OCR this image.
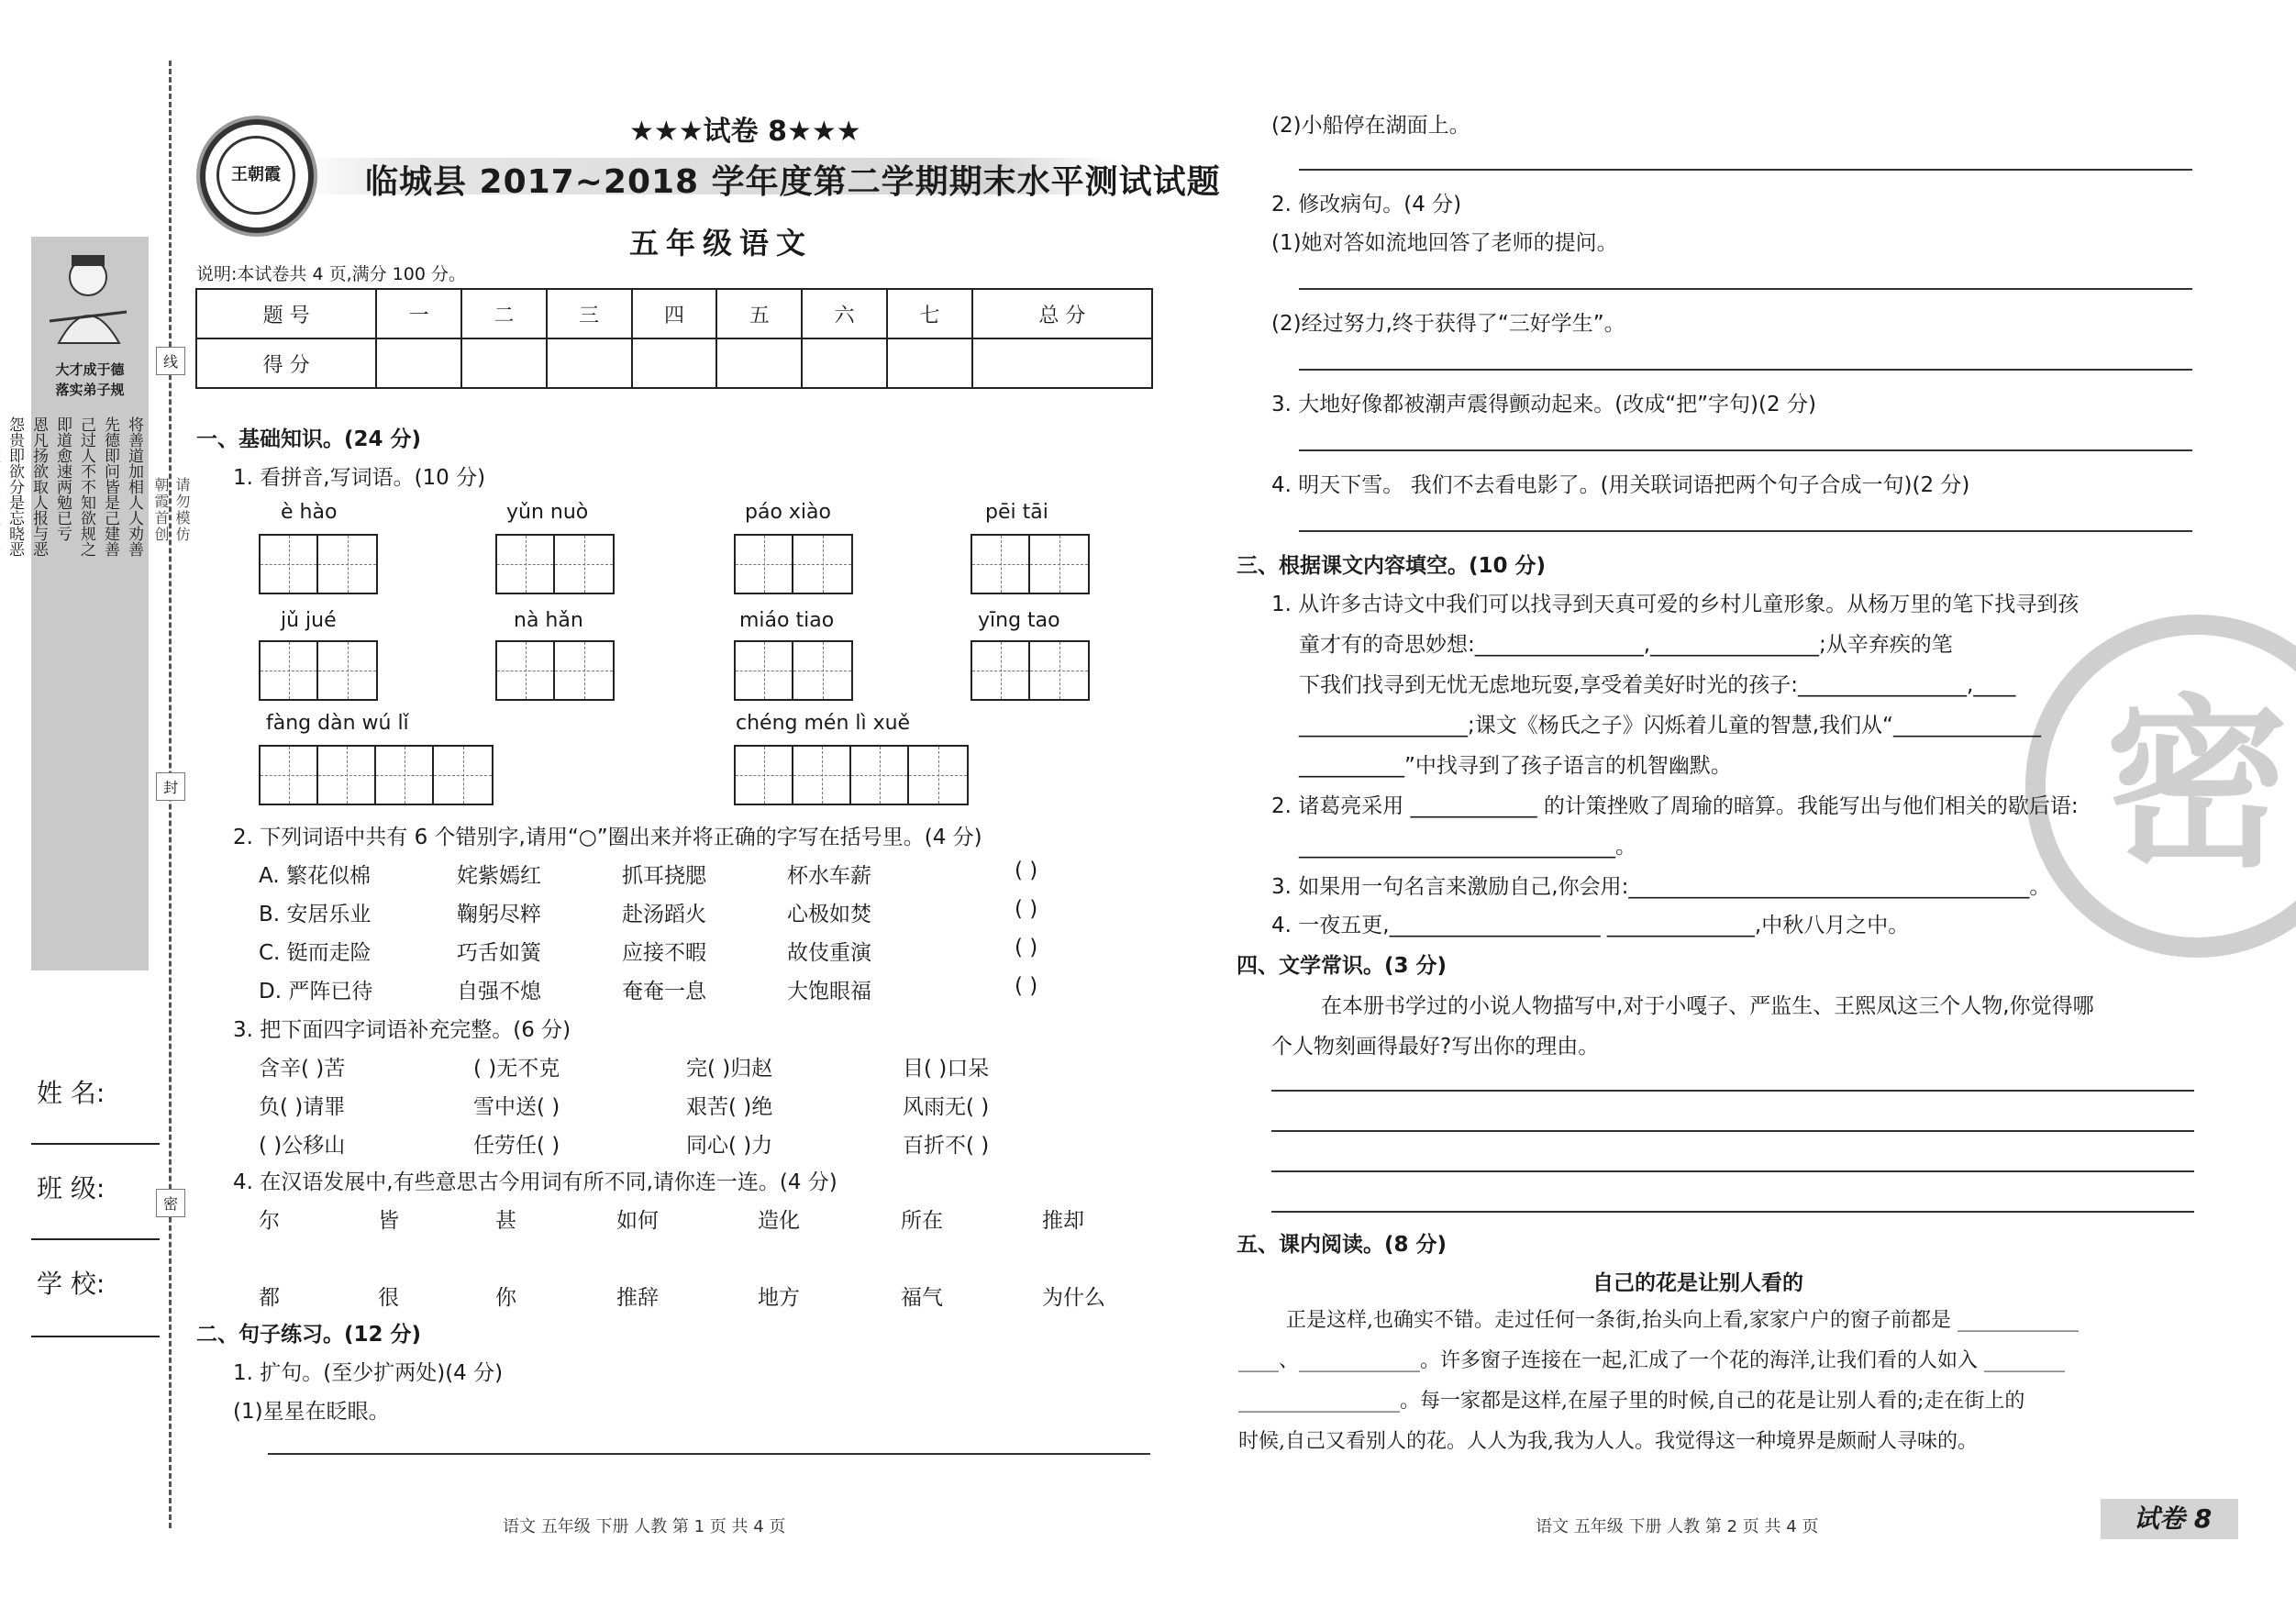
线
封
密
朝霞首创 请勿模仿
大才成于德
落实弟子规
将善道加相人人劝善
先德即问皆是己建善
己过人不不知欲规之
即道愈速两勉已亏
恩凡扬欲取人报与恶
怨贵即欲分是忘晓恶
姓 名:
班 级:
学 校:
王朝霞
★★★试卷 8★★★
临城县 2017~2018 学年度第二学期期末水平测试试题
五年级语文
说明:本试卷共 4 页,满分 100 分。
题 号	一	二	三	四	五	六	七	总 分
得 分								
一、基础知识。(24 分)
1. 看拼音,写词语。(10 分)
è hào	yǔn nuò	páo xiào	pēi tāi
jǔ jué	nà hǎn	miáo tiao	yīng tao
fàng dàn wú lǐ	chéng mén lì xuě
2. 下列词语中共有 6 个错别字,请用“○”圈出来并将正确的字写在括号里。(4 分)
A. 繁花似棉	姹紫嫣红	抓耳挠腮	杯水车薪	( )
B. 安居乐业	鞠躬尽粹	赴汤蹈火	心极如焚	( )
C. 铤而走险	巧舌如簧	应接不暇	故伎重演	( )
D. 严阵已待	自强不熄	奄奄一息	大饱眼福	( )
3. 把下面四字词语补充完整。(6 分)
含辛( )苦	( )无不克	完( )归赵	目( )口呆
负( )请罪	雪中送( )	艰苦( )绝	风雨无( )
( )公移山	任劳任( )	同心( )力	百折不( )
4. 在汉语发展中,有些意思古今用词有所不同,请你连一连。(4 分)
尔	皆	甚	如何	造化	所在	推却
都	很	你	推辞	地方	福气	为什么
二、句子练习。(12 分)
1. 扩句。(至少扩两处)(4 分)
(1)星星在眨眼。
语文 五年级 下册 人教 第 1 页 共 4 页
密
(2)小船停在湖面上。
2. 修改病句。(4 分)
(1)她对答如流地回答了老师的提问。
(2)经过努力,终于获得了“三好学生”。
3. 大地好像都被潮声震得颤动起来。(改成“把”字句)(2 分)
4. 明天下雪。 我们不去看电影了。(用关联词语把两个句子合成一句)(2 分)
三、根据课文内容填空。(10 分)
1. 从许多古诗文中我们可以找寻到天真可爱的乡村儿童形象。从杨万里的笔下找寻到孩
童才有的奇思妙想:________________,________________;从辛弃疾的笔
下我们找寻到无忧无虑地玩耍,享受着美好时光的孩子:________________,____
________________;课文《杨氏之子》闪烁着儿童的智慧,我们从“______________
__________”中找寻到了孩子语言的机智幽默。
2. 诸葛亮采用 ____________ 的计策挫败了周瑜的暗算。我能写出与他们相关的歇后语:
______________________________。
3. 如果用一句名言来激励自己,你会用:______________________________________。
4. 一夜五更,____________________ ______________,中秋八月之中。
四、文学常识。(3 分)
在本册书学过的小说人物描写中,对于小嘎子、严监生、王熙凤这三个人物,你觉得哪
个人物刻画得最好?写出你的理由。
五、课内阅读。(8 分)
自己的花是让别人看的
正是这样,也确实不错。走过任何一条街,抬头向上看,家家户户的窗子前都是 ____________
____、____________。许多窗子连接在一起,汇成了一个花的海洋,让我们看的人如入 ________
________________。每一家都是这样,在屋子里的时候,自己的花是让别人看的;走在街上的
时候,自己又看别人的花。人人为我,我为人人。我觉得这一种境界是颇耐人寻味的。
语文 五年级 下册 人教 第 2 页 共 4 页	试卷 8
